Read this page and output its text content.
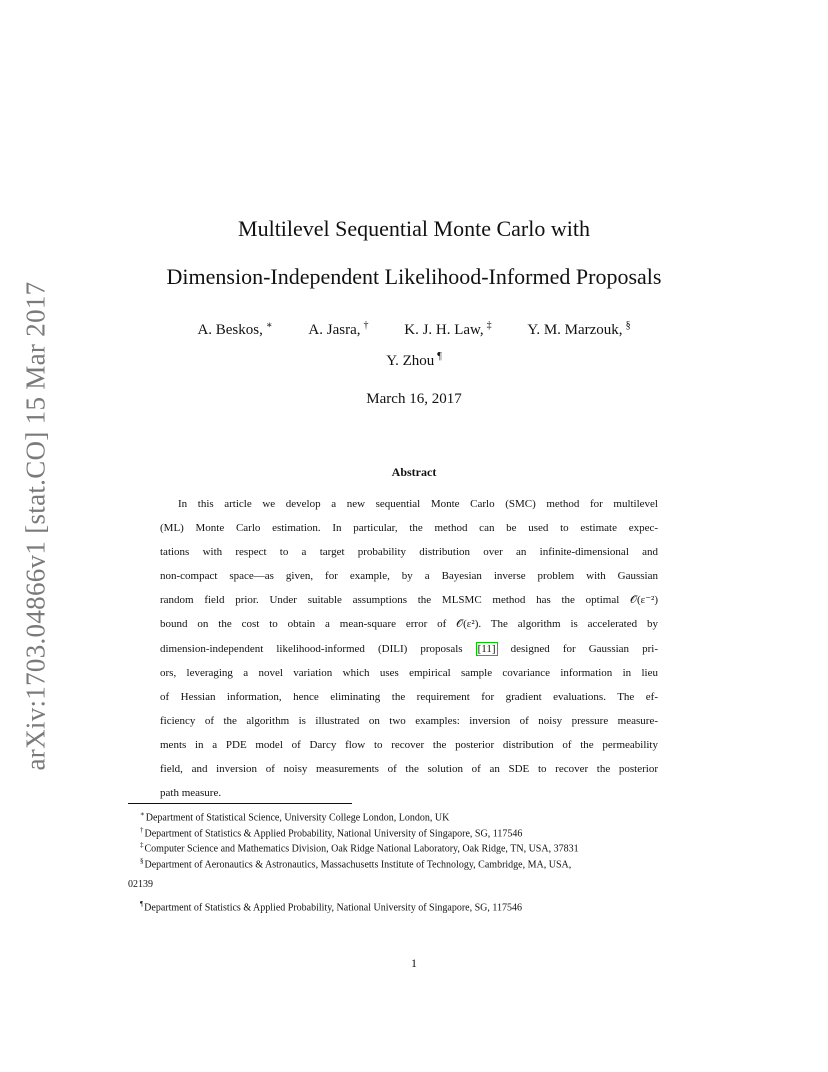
arXiv:1703.04866v1 [stat.CO] 15 Mar 2017
Multilevel Sequential Monte Carlo with
Dimension-Independent Likelihood-Informed Proposals
A. Beskos, ∗ A. Jasra, † K. J. H. Law, ‡ Y. M. Marzouk, §
Y. Zhou ¶
March 16, 2017
Abstract
In this article we develop a new sequential Monte Carlo (SMC) method for multilevel
(ML) Monte Carlo estimation. In particular, the method can be used to estimate expec-
tations with respect to a target probability distribution over an infinite-dimensional and
non-compact space—as given, for example, by a Bayesian inverse problem with Gaussian
random field prior. Under suitable assumptions the MLSMC method has the optimal 𝒪(ε⁻²)
bound on the cost to obtain a mean-square error of 𝒪(ε²). The algorithm is accelerated by
dimension-independent likelihood-informed (DILI) proposals [11] designed for Gaussian pri-
ors, leveraging a novel variation which uses empirical sample covariance information in lieu
of Hessian information, hence eliminating the requirement for gradient evaluations. The ef-
ficiency of the algorithm is illustrated on two examples: inversion of noisy pressure measure-
ments in a PDE model of Darcy flow to recover the posterior distribution of the permeability
field, and inversion of noisy measurements of the solution of an SDE to recover the posterior
path measure.
∗Department of Statistical Science, University College London, London, UK
†Department of Statistics & Applied Probability, National University of Singapore, SG, 117546
‡Computer Science and Mathematics Division, Oak Ridge National Laboratory, Oak Ridge, TN, USA, 37831
§Department of Aeronautics & Astronautics, Massachusetts Institute of Technology, Cambridge, MA, USA,
02139
¶Department of Statistics & Applied Probability, National University of Singapore, SG, 117546
1
